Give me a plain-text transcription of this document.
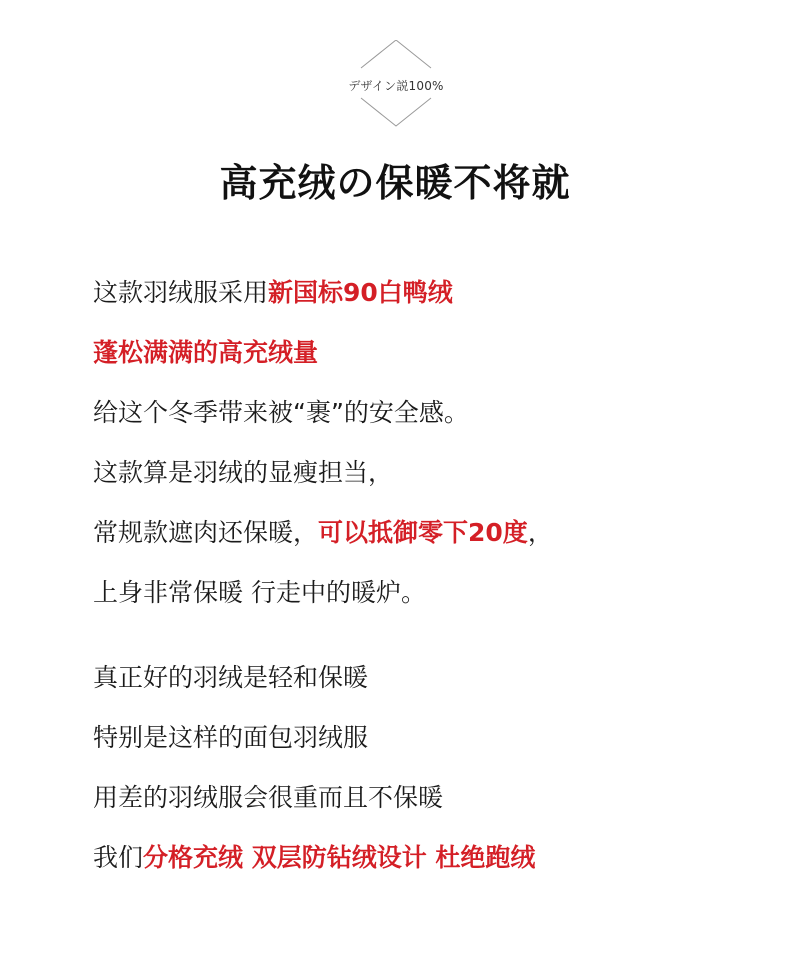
デザイン説100%
高充绒の保暖不将就
这款羽绒服采用新国标90白鸭绒
蓬松满满的高充绒量
给这个冬季带来被“裹”的安全感。
这款算是羽绒的显瘦担当，
常规款遮肉还保暖，可以抵御零下20度，
上身非常保暖 行走中的暖炉。
真正好的羽绒是轻和保暖
特别是这样的面包羽绒服
用差的羽绒服会很重而且不保暖
我们分格充绒 双层防钻绒设计 杜绝跑绒
